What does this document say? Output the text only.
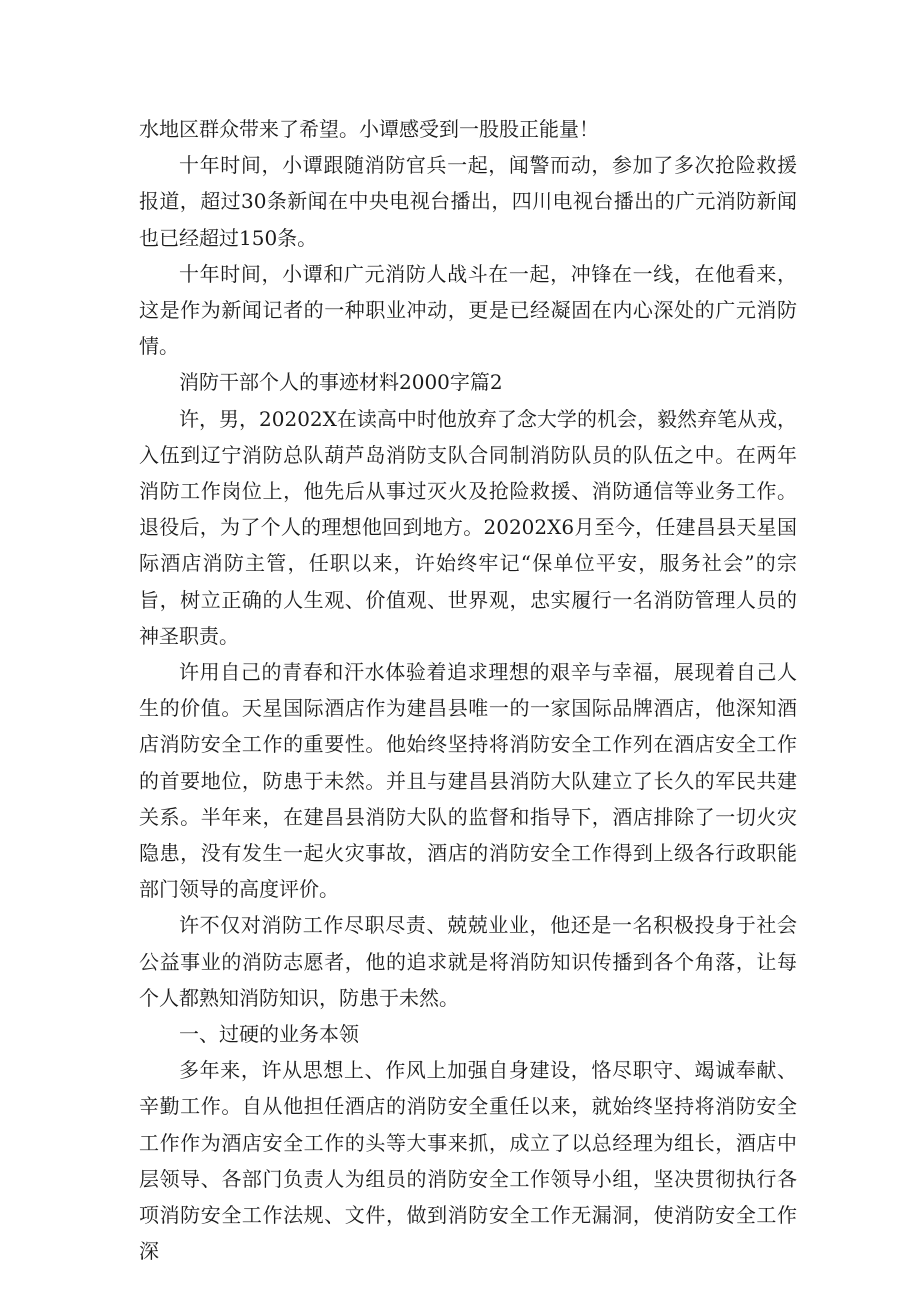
水地区群众带来了希望。小谭感受到一股股正能量！

十年时间，小谭跟随消防官兵一起，闻警而动，参加了多次抢险救援报道，超过30条新闻在中央电视台播出，四川电视台播出的广元消防新闻也已经超过150条。

十年时间，小谭和广元消防人战斗在一起，冲锋在一线，在他看来，这是作为新闻记者的一种职业冲动，更是已经凝固在内心深处的广元消防情。

消防干部个人的事迹材料2000字篇2

许，男，20202X在读高中时他放弃了念大学的机会，毅然弃笔从戎，入伍到辽宁消防总队葫芦岛消防支队合同制消防队员的队伍之中。在两年消防工作岗位上，他先后从事过灭火及抢险救援、消防通信等业务工作。退役后，为了个人的理想他回到地方。20202X6月至今，任建昌县天星国际酒店消防主管，任职以来，许始终牢记“保单位平安，服务社会”的宗旨，树立正确的人生观、价值观、世界观，忠实履行一名消防管理人员的神圣职责。

许用自己的青春和汗水体验着追求理想的艰辛与幸福，展现着自己人生的价值。天星国际酒店作为建昌县唯一的一家国际品牌酒店，他深知酒店消防安全工作的重要性。他始终坚持将消防安全工作列在酒店安全工作的首要地位，防患于未然。并且与建昌县消防大队建立了长久的军民共建关系。半年来，在建昌县消防大队的监督和指导下，酒店排除了一切火灾隐患，没有发生一起火灾事故，酒店的消防安全工作得到上级各行政职能部门领导的高度评价。

许不仅对消防工作尽职尽责、兢兢业业，他还是一名积极投身于社会公益事业的消防志愿者，他的追求就是将消防知识传播到各个角落，让每个人都熟知消防知识，防患于未然。

一、过硬的业务本领

多年来，许从思想上、作风上加强自身建设，恪尽职守、竭诚奉献、辛勤工作。自从他担任酒店的消防安全重任以来，就始终坚持将消防安全工作作为酒店安全工作的头等大事来抓，成立了以总经理为组长，酒店中层领导、各部门负责人为组员的消防安全工作领导小组，坚决贯彻执行各项消防安全工作法规、文件，做到消防安全工作无漏洞，使消防安全工作深
